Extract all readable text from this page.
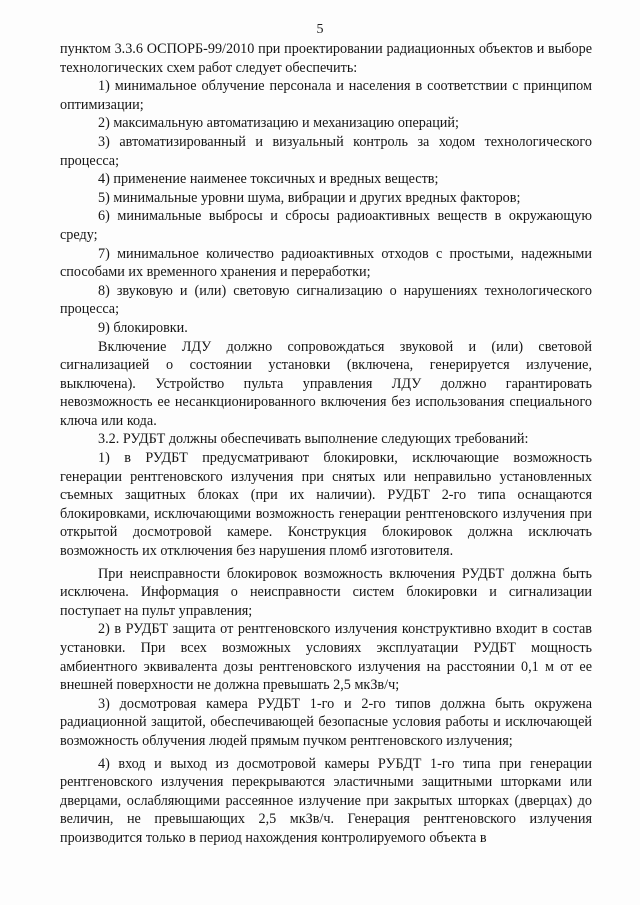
5

пунктом 3.3.6 ОСПОРБ-99/2010 при проектировании радиационных объектов и выборе технологических схем работ следует обеспечить:

1) минимальное облучение персонала и населения в соответствии с принципом оптимизации;

2) максимальную автоматизацию и механизацию операций;

3) автоматизированный и визуальный контроль за ходом технологического процесса;

4) применение наименее токсичных и вредных веществ;

5) минимальные уровни шума, вибрации и других вредных факторов;

6) минимальные выбросы и сбросы радиоактивных веществ в окружающую среду;

7) минимальное количество радиоактивных отходов с простыми, надежными способами их временного хранения и переработки;

8) звуковую и (или) световую сигнализацию о нарушениях технологического процесса;

9) блокировки.

Включение ЛДУ должно сопровождаться звуковой и (или) световой сигнализацией о состоянии установки (включена, генерируется излучение, выключена). Устройство пульта управления ЛДУ должно гарантировать невозможность ее несанкционированного включения без использования специального ключа или кода.

3.2. РУДБТ должны обеспечивать выполнение следующих требований:

1) в РУДБТ предусматривают блокировки, исключающие возможность генерации рентгеновского излучения при снятых или неправильно установленных съемных защитных блоках (при их наличии). РУДБТ 2-го типа оснащаются блокировками, исключающими возможность генерации рентгеновского излучения при открытой досмотровой камере. Конструкция блокировок должна исключать возможность их отключения без нарушения пломб изготовителя.

При неисправности блокировок возможность включения РУДБТ должна быть исключена. Информация о неисправности систем блокировки и сигнализации поступает на пульт управления;

2) в РУДБТ защита от рентгеновского излучения конструктивно входит в состав установки. При всех возможных условиях эксплуатации РУДБТ мощность амбиентного эквивалента дозы рентгеновского излучения на расстоянии 0,1 м от ее внешней поверхности не должна превышать 2,5 мкЗв/ч;

3) досмотровая камера РУДБТ 1-го и 2-го типов должна быть окружена радиационной защитой, обеспечивающей безопасные условия работы и исключающей возможность облучения людей прямым пучком рентгеновского излучения;

4) вход и выход из досмотровой камеры РУБДТ 1-го типа при генерации рентгеновского излучения перекрываются эластичными защитными шторками или дверцами, ослабляющими рассеянное излучение при закрытых шторках (дверцах) до величин, не превышающих 2,5 мкЗв/ч. Генерация рентгеновского излучения производится только в период нахождения контролируемого объекта в
